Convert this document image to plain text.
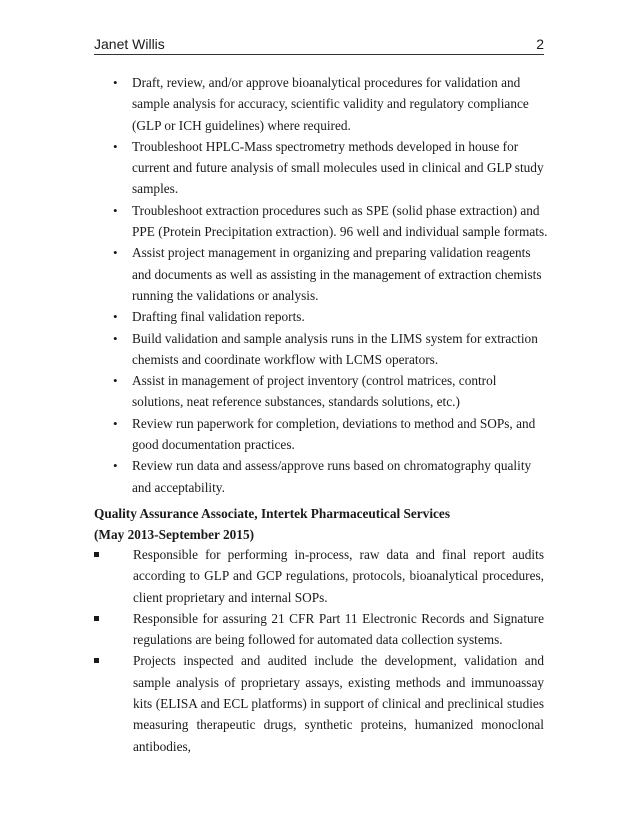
Janet Willis	2
• Draft, review, and/or approve bioanalytical procedures for validation and sample analysis for accuracy, scientific validity and regulatory compliance (GLP or ICH guidelines) where required.
• Troubleshoot HPLC-Mass spectrometry methods developed in house for current and future analysis of small molecules used in clinical and GLP study samples.
• Troubleshoot extraction procedures such as SPE (solid phase extraction) and PPE (Protein Precipitation extraction). 96 well and individual sample formats.
• Assist project management in organizing and preparing validation reagents and documents as well as assisting in the management of extraction chemists running the validations or analysis.
• Drafting final validation reports.
• Build validation and sample analysis runs in the LIMS system for extraction chemists and coordinate workflow with LCMS operators.
• Assist in management of project inventory (control matrices, control solutions, neat reference substances, standards solutions, etc.)
• Review run paperwork for completion, deviations to method and SOPs, and good documentation practices.
• Review run data and assess/approve runs based on chromatography quality and acceptability.
Quality Assurance Associate, Intertek Pharmaceutical Services
(May 2013-September 2015)
Responsible for performing in-process, raw data and final report audits according to GLP and GCP regulations, protocols, bioanalytical procedures, client proprietary and internal SOPs.
Responsible for assuring 21 CFR Part 11 Electronic Records and Signature regulations are being followed for automated data collection systems.
Projects inspected and audited include the development, validation and sample analysis of proprietary assays, existing methods and immunoassay kits (ELISA and ECL platforms) in support of clinical and preclinical studies measuring therapeutic drugs, synthetic proteins, humanized monoclonal antibodies,
